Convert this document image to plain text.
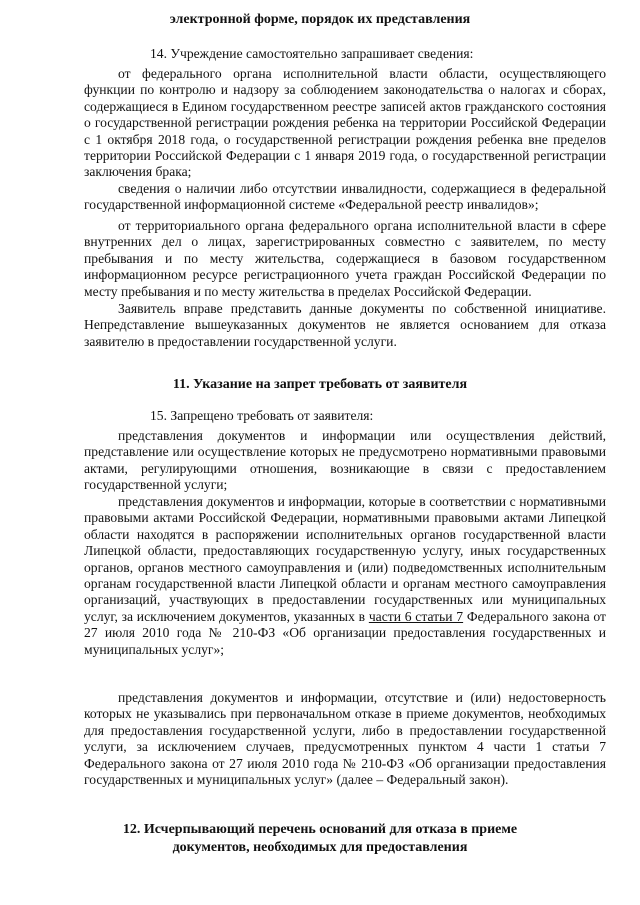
электронной форме, порядок их представления

14. Учреждение самостоятельно запрашивает сведения:

от федерального органа исполнительной власти области, осуществляющего функции по контролю и надзору за соблюдением законодательства о налогах и сборах, содержащиеся в Едином государственном реестре записей актов гражданского состояния о государственной регистрации рождения ребенка на территории Российской Федерации с 1 октября 2018 года, о государственной регистрации рождения ребенка вне пределов территории Российской Федерации с 1 января 2019 года, о государственной регистрации заключения брака;

сведения о наличии либо отсутствии инвалидности, содержащиеся в федеральной государственной информационной системе «Федеральной реестр инвалидов»;

от территориального органа федерального органа исполнительной власти в сфере внутренних дел о лицах, зарегистрированных совместно с заявителем, по месту пребывания и по месту жительства, содержащиеся в базовом государственном информационном ресурсе регистрационного учета граждан Российской Федерации по месту пребывания и по месту жительства в пределах Российской Федерации.

Заявитель вправе представить данные документы по собственной инициативе. Непредставление вышеуказанных документов не является основанием для отказа заявителю в предоставлении государственной услуги.

11. Указание на запрет требовать от заявителя

15. Запрещено требовать от заявителя:

представления документов и информации или осуществления действий, представление или осуществление которых не предусмотрено нормативными правовыми актами, регулирующими отношения, возникающие в связи с предоставлением государственной услуги;

представления документов и информации, которые в соответствии с нормативными правовыми актами Российской Федерации, нормативными правовыми актами Липецкой области находятся в распоряжении исполнительных органов государственной власти Липецкой области, предоставляющих государственную услугу, иных государственных органов, органов местного самоуправления и (или) подведомственных исполнительным органам государственной власти Липецкой области и органам местного самоуправления организаций, участвующих в предоставлении государственных или муниципальных услуг, за исключением документов, указанных в части 6 статьи 7 Федерального закона от 27 июля 2010 года № 210-ФЗ «Об организации предоставления государственных и муниципальных услуг»;

представления документов и информации, отсутствие и (или) недостоверность которых не указывались при первоначальном отказе в приеме документов, необходимых для предоставления государственной услуги, либо в предоставлении государственной услуги, за исключением случаев, предусмотренных пунктом 4 части 1 статьи 7 Федерального закона от 27 июля 2010 года № 210-ФЗ «Об организации предоставления государственных и муниципальных услуг» (далее – Федеральный закон).

12. Исчерпывающий перечень оснований для отказа в приеме
документов, необходимых для предоставления
